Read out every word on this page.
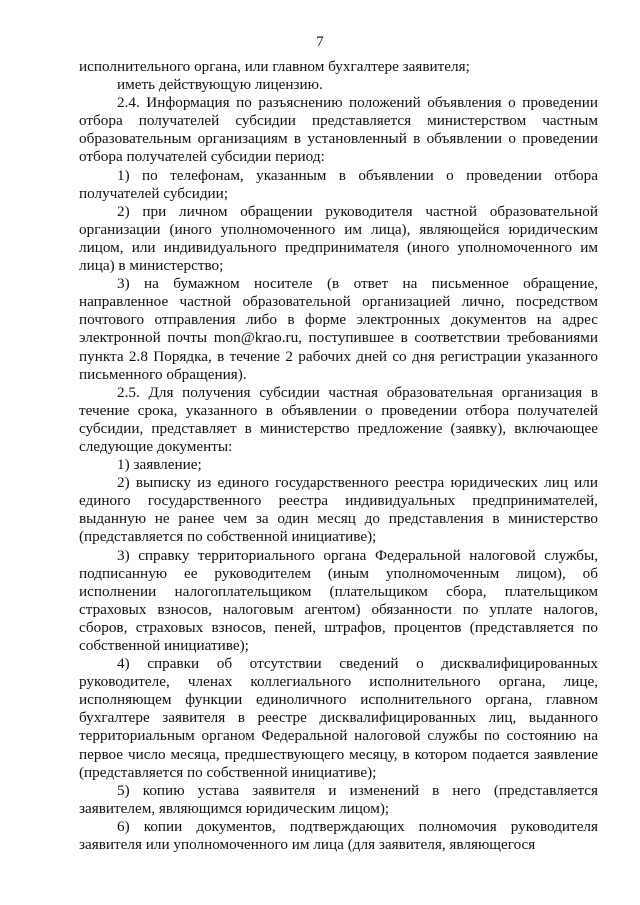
7

исполнительного органа, или главном бухгалтере заявителя;

иметь действующую лицензию.

2.4. Информация по разъяснению положений объявления о проведении отбора получателей субсидии представляется министерством частным образовательным организациям в установленный в объявлении о проведении отбора получателей субсидии период:

1) по телефонам, указанным в объявлении о проведении отбора получателей субсидии;

2) при личном обращении руководителя частной образовательной организации (иного уполномоченного им лица), являющейся юридическим лицом, или индивидуального предпринимателя (иного уполномоченного им лица) в министерство;

3) на бумажном носителе (в ответ на письменное обращение, направленное частной образовательной организацией лично, посредством почтового отправления либо в форме электронных документов на адрес электронной почты mon@krao.ru, поступившее в соответствии требованиями пункта 2.8 Порядка, в течение 2 рабочих дней со дня регистрации указанного письменного обращения).

2.5. Для получения субсидии частная образовательная организация в течение срока, указанного в объявлении о проведении отбора получателей субсидии, представляет в министерство предложение (заявку), включающее следующие документы:

1) заявление;

2) выписку из единого государственного реестра юридических лиц или единого государственного реестра индивидуальных предпринимателей, выданную не ранее чем за один месяц до представления в министерство (представляется по собственной инициативе);

3) справку территориального органа Федеральной налоговой службы, подписанную ее руководителем (иным уполномоченным лицом), об исполнении налогоплательщиком (плательщиком сбора, плательщиком страховых взносов, налоговым агентом) обязанности по уплате налогов, сборов, страховых взносов, пеней, штрафов, процентов (представляется по собственной инициативе);

4) справки об отсутствии сведений о дисквалифицированных руководителе, членах коллегиального исполнительного органа, лице, исполняющем функции единоличного исполнительного органа, главном бухгалтере заявителя в реестре дисквалифицированных лиц, выданного территориальным органом Федеральной налоговой службы по состоянию на первое число месяца, предшествующего месяцу, в котором подается заявление (представляется по собственной инициативе);

5) копию устава заявителя и изменений в него (представляется заявителем, являющимся юридическим лицом);

6) копии документов, подтверждающих полномочия руководителя заявителя или уполномоченного им лица (для заявителя, являющегося
